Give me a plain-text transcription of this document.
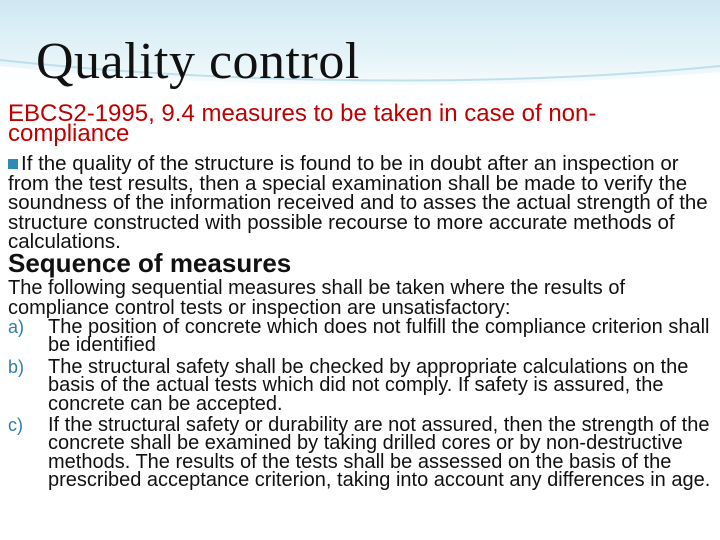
Quality control
EBCS2-1995, 9.4 measures to be taken in case of non-compliance
If the quality of the structure is found to be in doubt after an inspection or from the test results, then a special examination shall be made to verify the soundness of the information received and to asses the actual strength of the structure constructed with possible recourse to more accurate methods of calculations.
Sequence of measures
The following sequential measures shall be taken where the results of compliance control tests or inspection are unsatisfactory:
a)	The position of concrete which does not fulfill the compliance criterion shall be identified
b)	The structural safety shall be checked by appropriate calculations on the basis of the actual tests which did not comply. If safety is assured, the concrete can be accepted.
c)	If the structural safety or durability are not assured, then the strength of the concrete shall be examined by taking drilled cores or by non-destructive methods. The results of the tests shall be assessed on the basis of the prescribed acceptance criterion, taking into account any differences in age.
